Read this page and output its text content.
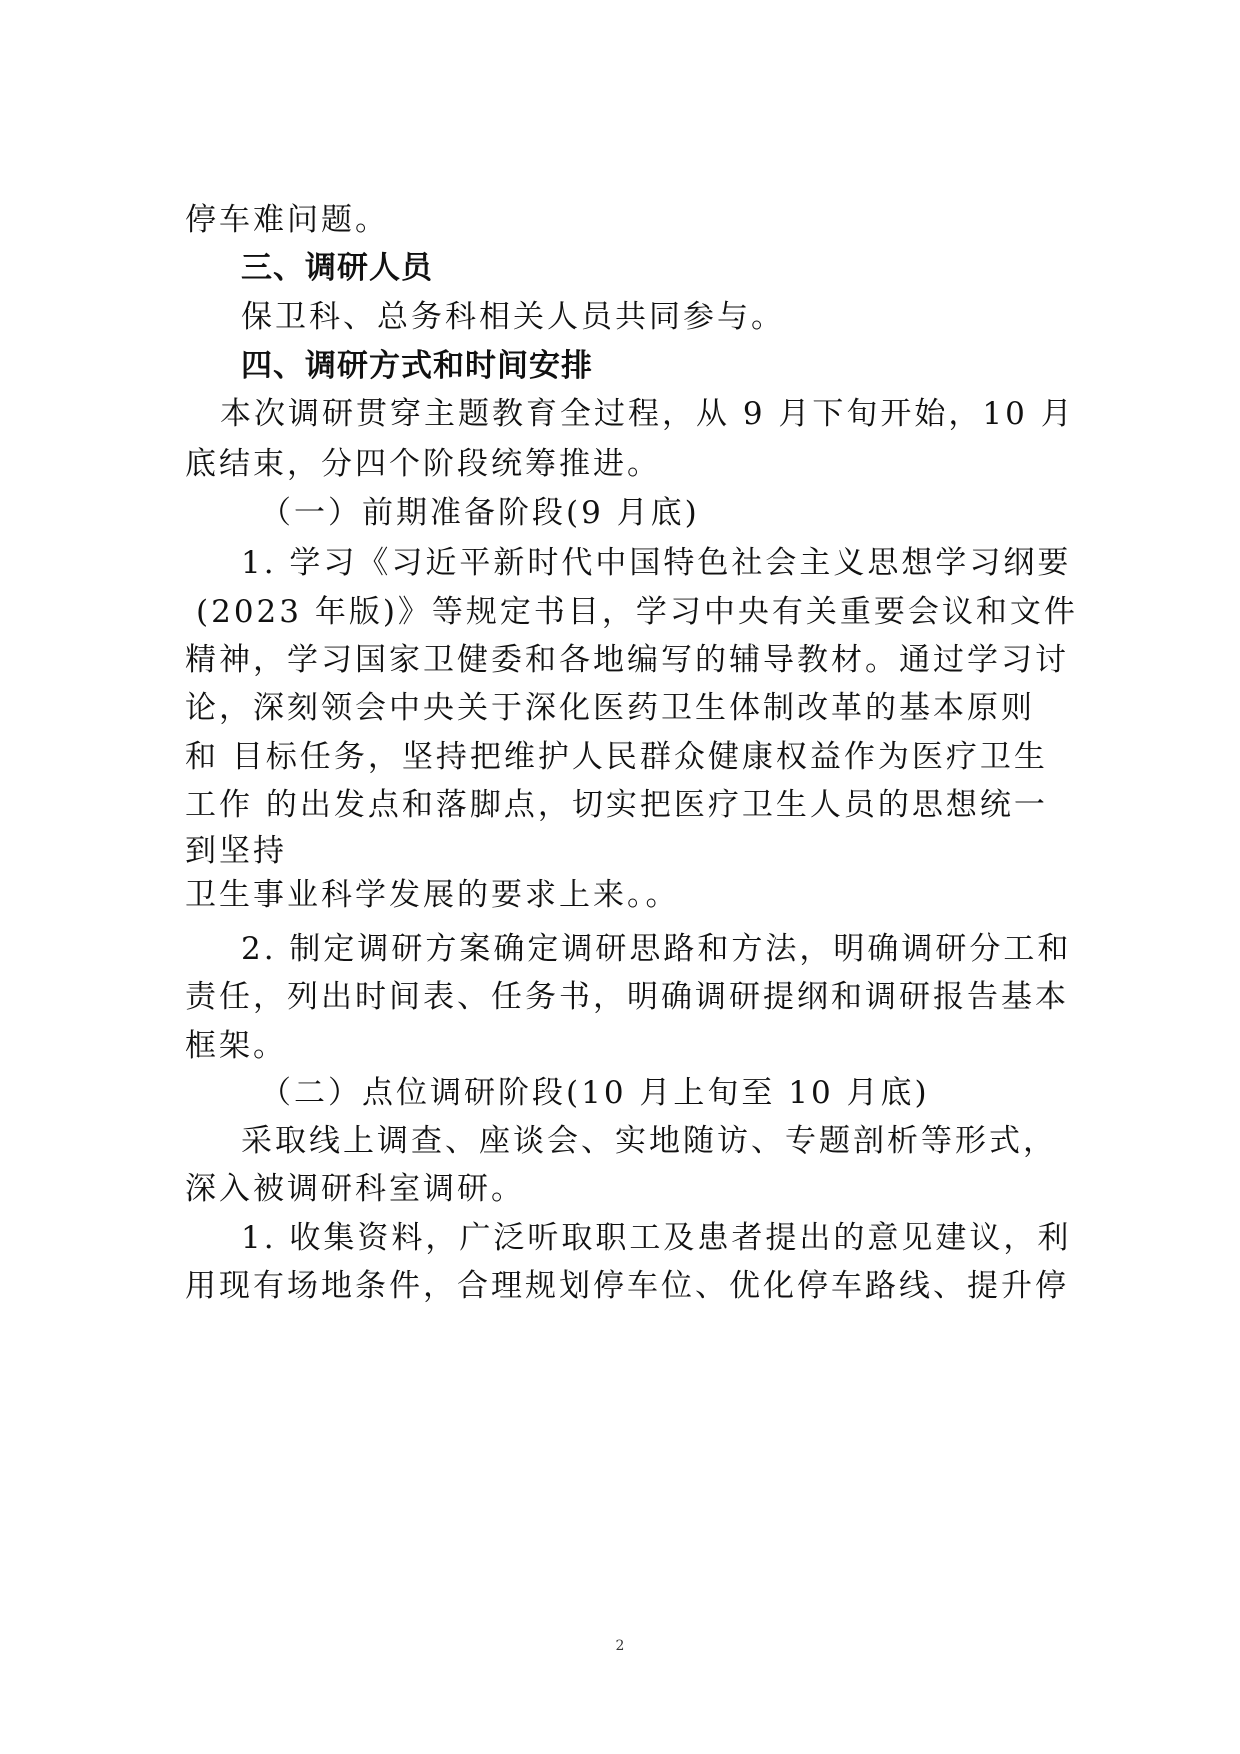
停车难问题。
三、调研人员
保卫科、总务科相关人员共同参与。
四、调研方式和时间安排
本次调研贯穿主题教育全过程，从 9 月下旬开始，10 月
底结束，分四个阶段统筹推进。
（一）前期准备阶段(9 月底)
1. 学习《习近平新时代中国特色社会主义思想学习纲要
(2023 年版)》等规定书目，学习中央有关重要会议和文件
精神，学习国家卫健委和各地编写的辅导教材。通过学习讨
论，深刻领会中央关于深化医药卫生体制改革的基本原则
和 目标任务，坚持把维护人民群众健康权益作为医疗卫生
工作 的出发点和落脚点，切实把医疗卫生人员的思想统一
到坚持
卫生事业科学发展的要求上来。。
2. 制定调研方案确定调研思路和方法，明确调研分工和
责任，列出时间表、任务书，明确调研提纲和调研报告基本
框架。
（二）点位调研阶段(10 月上旬至 10 月底)
采取线上调查、座谈会、实地随访、专题剖析等形式，
深入被调研科室调研。
1. 收集资料，广泛听取职工及患者提出的意见建议，利
用现有场地条件，合理规划停车位、优化停车路线、提升停
2
